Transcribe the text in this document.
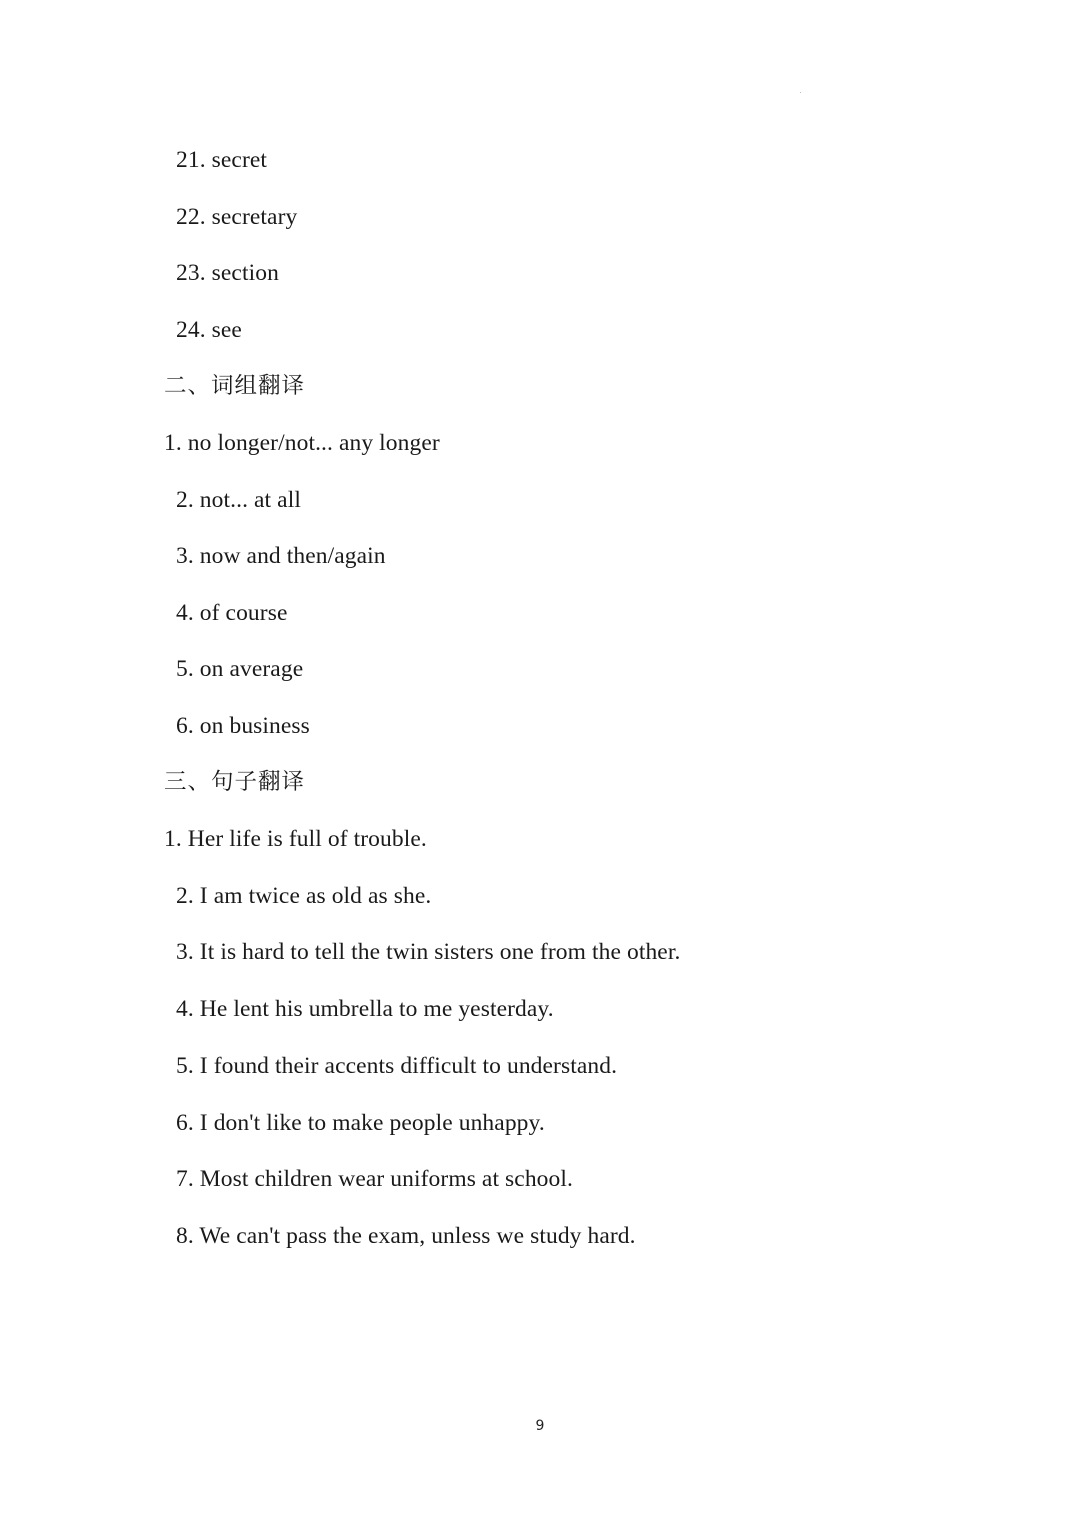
21. secret
22. secretary
23. section
24. see
二、词组翻译
1. no longer/not... any longer
2. not... at all
3. now and then/again
4. of course
5. on average
6. on business
三、句子翻译
1. Her life is full of trouble.
2. I am twice as old as she.
3. It is hard to tell the twin sisters one from the other.
4. He lent his umbrella to me yesterday.
5. I found their accents difficult to understand.
6. I don't like to make people unhappy.
7. Most children wear uniforms at school.
8. We can't pass the exam, unless we study hard.
9
